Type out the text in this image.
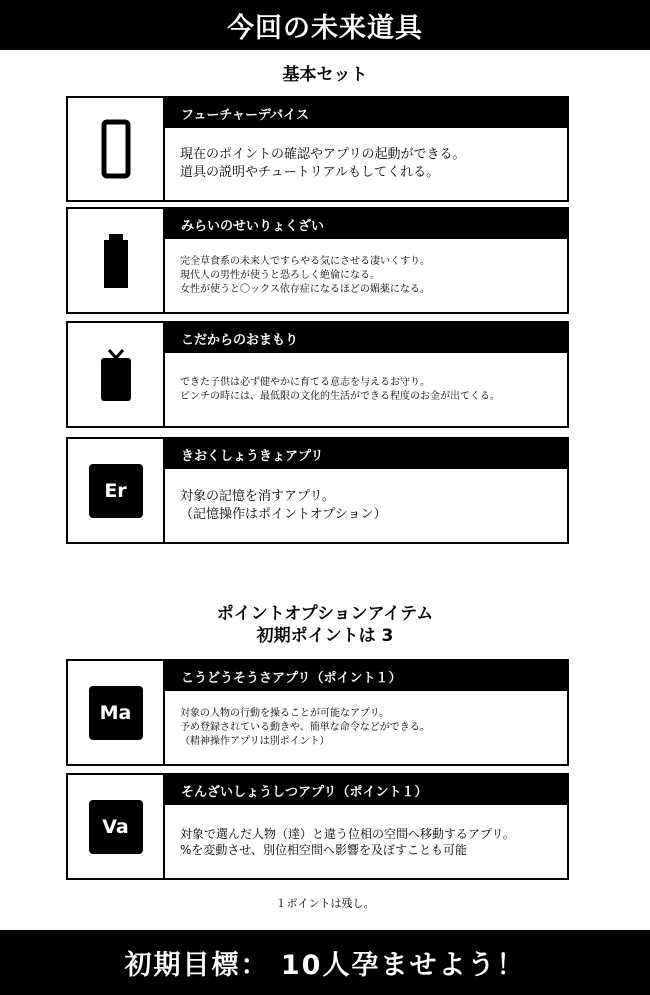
今回の未来道具
基本セット
フューチャーデバイス
現在のポイントの確認やアプリの起動ができる。
道具の説明やチュートリアルもしてくれる。
みらいのせいりょくざい
完全草食系の未来人ですらやる気にさせる凄いくすり。
現代人の男性が使うと恐ろしく絶倫になる。
女性が使うと〇ックス依存症になるほどの媚薬になる。
こだからのおまもり
できた子供は必ず健やかに育てる意志を与えるお守り。
ピンチの時には、最低限の文化的生活ができる程度のお金が出てくる。
Er
きおくしょうきょアプリ
対象の記憶を消すアプリ。
（記憶操作はポイントオプション）
ポイントオプションアイテム
初期ポイントは 3
Ma
こうどうそうさアプリ（ポイント１）
対象の人物の行動を操ることが可能なアプリ。
予め登録されている動きや、簡単な命令などができる。
（精神操作アプリは別ポイント）
Va
そんざいしょうしつアプリ（ポイント１）
対象で選んだ人物（達）と違う位相の空間へ移動するアプリ。
%を変動させ、別位相空間へ影響を及ぼすことも可能
１ポイントは残し。
初期目標： 10人孕ませよう！
